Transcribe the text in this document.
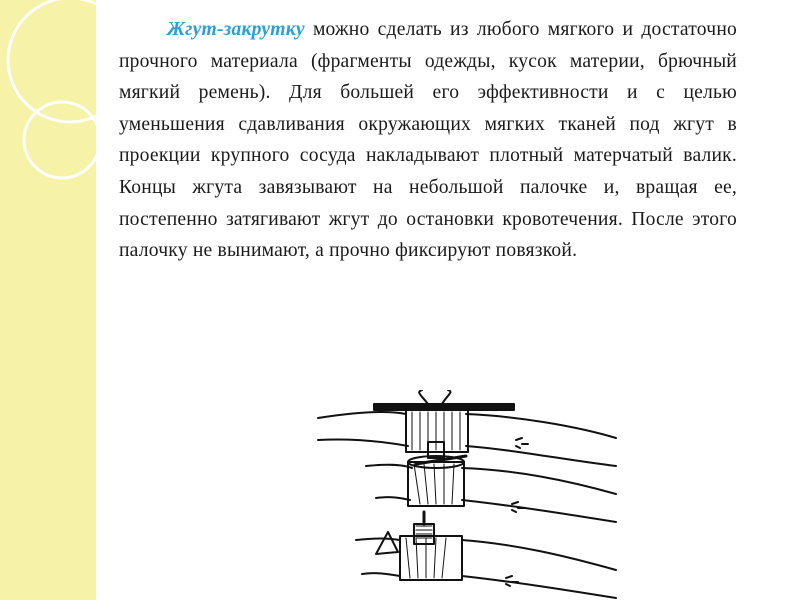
Жгут-закрутку можно сделать из любого мягкого и достаточно прочного материала (фрагменты одежды, кусок материи, брючный мягкий ремень). Для большей его эффективности и с целью уменьшения сдавливания окружающих мягких тканей под жгут в проекции крупного сосуда накладывают плотный матерчатый валик. Концы жгута завязывают на небольшой палочке и, вращая ее, постепенно затягивают жгут до остановки кровотечения. После этого палочку не вынимают, а прочно фиксируют повязкой.
